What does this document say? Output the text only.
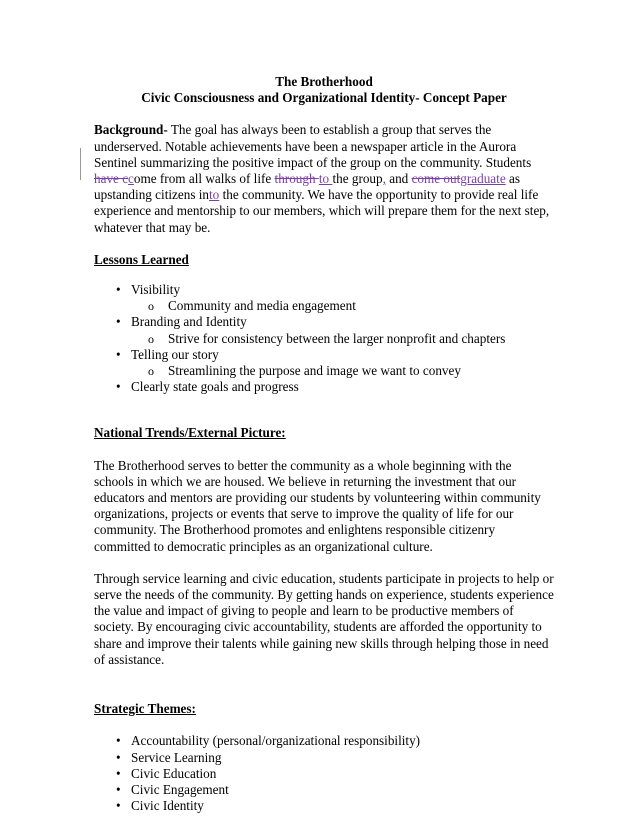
The Brotherhood

Civic Consciousness and Organizational Identity- Concept Paper

Background- The goal has always been to establish a group that serves the underserved. Notable achievements have been a newspaper article in the Aurora Sentinel summarizing the positive impact of the group on the community. Students have ccome from all walks of life through to the group, and come outgraduate as upstanding citizens into the community. We have the opportunity to provide real life experience and mentorship to our members, which will prepare them for the next step, whatever that may be.

Lessons Learned

• Visibility
o Community and media engagement
• Branding and Identity
o Strive for consistency between the larger nonprofit and chapters
• Telling our story
o Streamlining the purpose and image we want to convey
• Clearly state goals and progress

National Trends/External Picture:

The Brotherhood serves to better the community as a whole beginning with the schools in which we are housed. We believe in returning the investment that our educators and mentors are providing our students by volunteering within community organizations, projects or events that serve to improve the quality of life for our community. The Brotherhood promotes and enlightens responsible citizenry committed to democratic principles as an organizational culture.

Through service learning and civic education, students participate in projects to help or serve the needs of the community. By getting hands on experience, students experience the value and impact of giving to people and learn to be productive members of society. By encouraging civic accountability, students are afforded the opportunity to share and improve their talents while gaining new skills through helping those in need of assistance.

Strategic Themes:

• Accountability (personal/organizational responsibility)
• Service Learning
• Civic Education
• Civic Engagement
• Civic Identity
